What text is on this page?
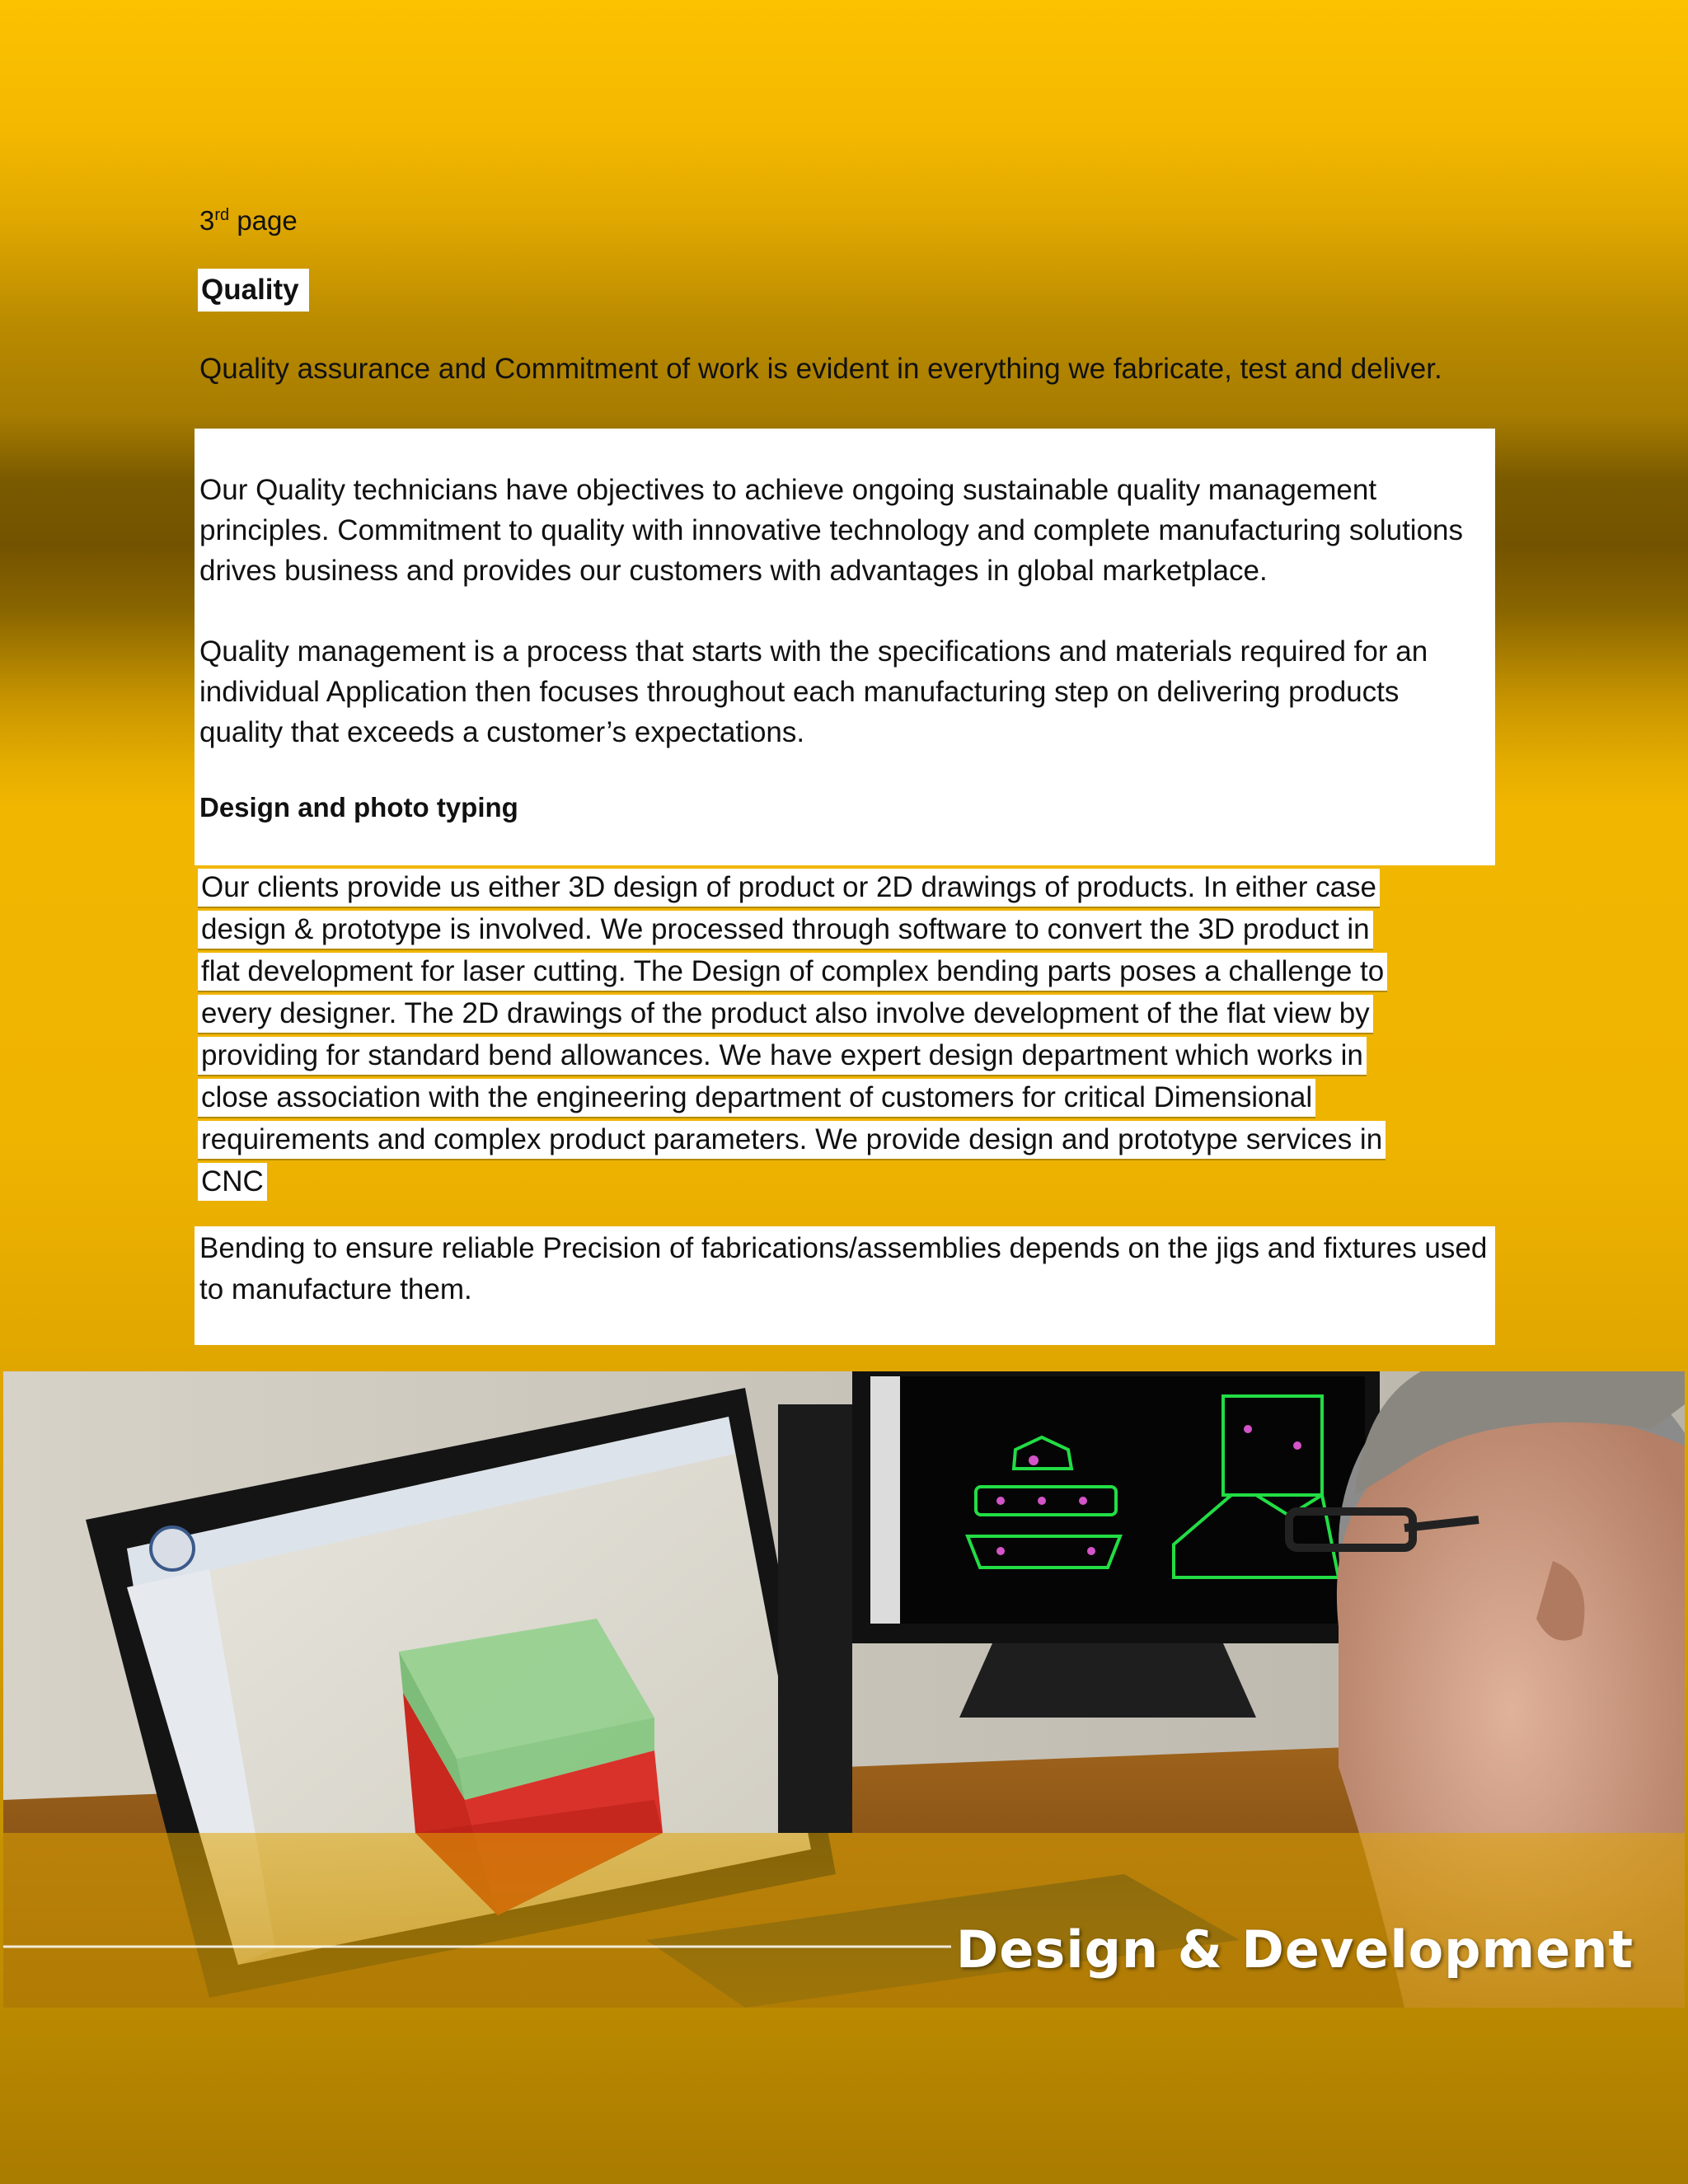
3rd page
Quality
Quality assurance and Commitment of work is evident in everything we fabricate, test and deliver.

Our Quality technicians have objectives to achieve ongoing sustainable quality management principles. Commitment to quality with innovative technology and complete manufacturing solutions drives business and provides our customers with advantages in global marketplace.

Quality management is a process that starts with the specifications and materials required for an individual Application then focuses throughout each manufacturing step on delivering products quality that exceeds a customer’s expectations.

Design and photo typing
Our clients provide us either 3D design of product or 2D drawings of products. In either case
design & prototype is involved. We processed through software to convert the 3D product in
flat development for laser cutting. The Design of complex bending parts poses a challenge to
every designer. The 2D drawings of the product also involve development of the flat view by
providing for standard bend allowances. We have expert design department which works in
close association with the engineering department of customers for critical Dimensional
requirements and complex product parameters. We provide design and prototype services in
CNC

Bending to ensure reliable Precision of fabrications/assemblies depends on the jigs and fixtures used to manufacture them.

Design & Development
